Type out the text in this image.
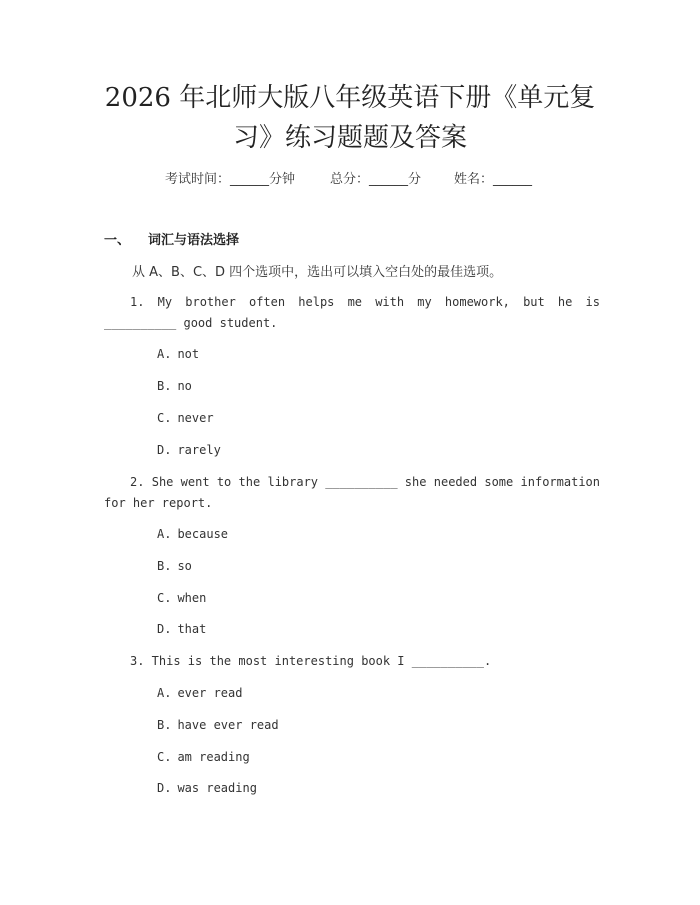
2026 年北师大版八年级英语下册《单元复
习》练习题题及答案
考试时间：______分钟	总分：______分	姓名：______
一、 词汇与语法选择
从 A、B、C、D 四个选项中，选出可以填入空白处的最佳选项。
1. My brother often helps me with my homework, but he is __________ good student.
A. not
B. no
C. never
D. rarely
2. She went to the library __________ she needed some information for her report.
A. because
B. so
C. when
D. that
3. This is the most interesting book I __________.
A. ever read
B. have ever read
C. am reading
D. was reading
